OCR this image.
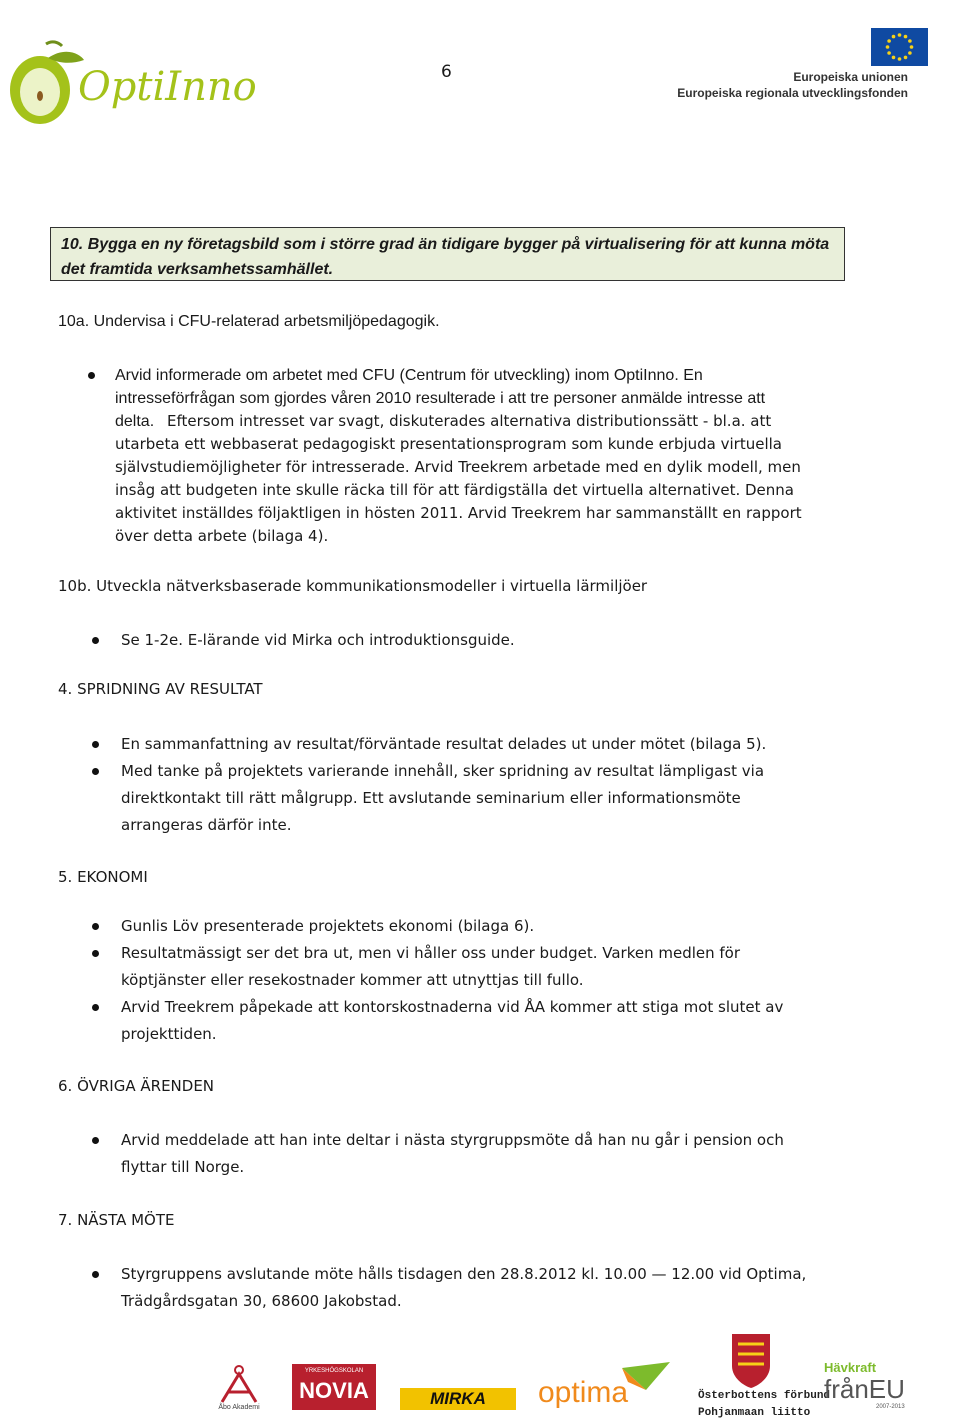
6
OptiInno	Europeiska unionen
Europeiska regionala utvecklingsfonden
10. Bygga en ny företagsbild som i större grad än tidigare bygger på virtualisering för att kunna möta det framtida verksamhetssamhället.
10a. Undervisa i CFU-relaterad arbetsmiljöpedagogik.
Arvid informerade om arbetet med CFU (Centrum för utveckling) inom OptiInno. En
intresseförfrågan som gjordes våren 2010 resulterade i att tre personer anmälde intresse att
delta. Eftersom intresset var svagt, diskuterades alternativa distributionssätt - bl.a. att
utarbeta ett webbaserat pedagogiskt presentationsprogram som kunde erbjuda virtuella
självstudiemöjligheter för intresserade. Arvid Treekrem arbetade med en dylik modell, men
insåg att budgeten inte skulle räcka till för att färdigställa det virtuella alternativet. Denna
aktivitet inställdes följaktligen in hösten 2011. Arvid Treekrem har sammanställt en rapport
över detta arbete (bilaga 4).
10b. Utveckla nätverksbaserade kommunikationsmodeller i virtuella lärmiljöer
Se 1-2e. E-lärande vid Mirka och introduktionsguide.
4. SPRIDNING AV RESULTAT
En sammanfattning av resultat/förväntade resultat delades ut under mötet (bilaga 5).
Med tanke på projektets varierande innehåll, sker spridning av resultat lämpligast via
direktkontakt till rätt målgrupp. Ett avslutande seminarium eller informationsmöte
arrangeras därför inte.
5. EKONOMI
Gunlis Löv presenterade projektets ekonomi (bilaga 6).
Resultatmässigt ser det bra ut, men vi håller oss under budget. Varken medlen för
köptjänster eller resekostnader kommer att utnyttjas till fullo.
Arvid Treekrem påpekade att kontorskostnaderna vid ÅA kommer att stiga mot slutet av
projekttiden.
6. ÖVRIGA ÄRENDEN
Arvid meddelade att han inte deltar i nästa styrgruppsmöte då han nu går i pension och
flyttar till Norge.
7. NÄSTA MÖTE
Styrgruppens avslutande möte hålls tisdagen den 28.8.2012 kl. 10.00 — 12.00 vid Optima,
Trädgårdsgatan 30, 68600 Jakobstad.
Åbo Akademi
YRKESHÖGSKOLAN
NOVIA	MIRKA	optima	Österbottens förbund
Pohjanmaan liitto
Hävkraft
frånEU
2007-2013
